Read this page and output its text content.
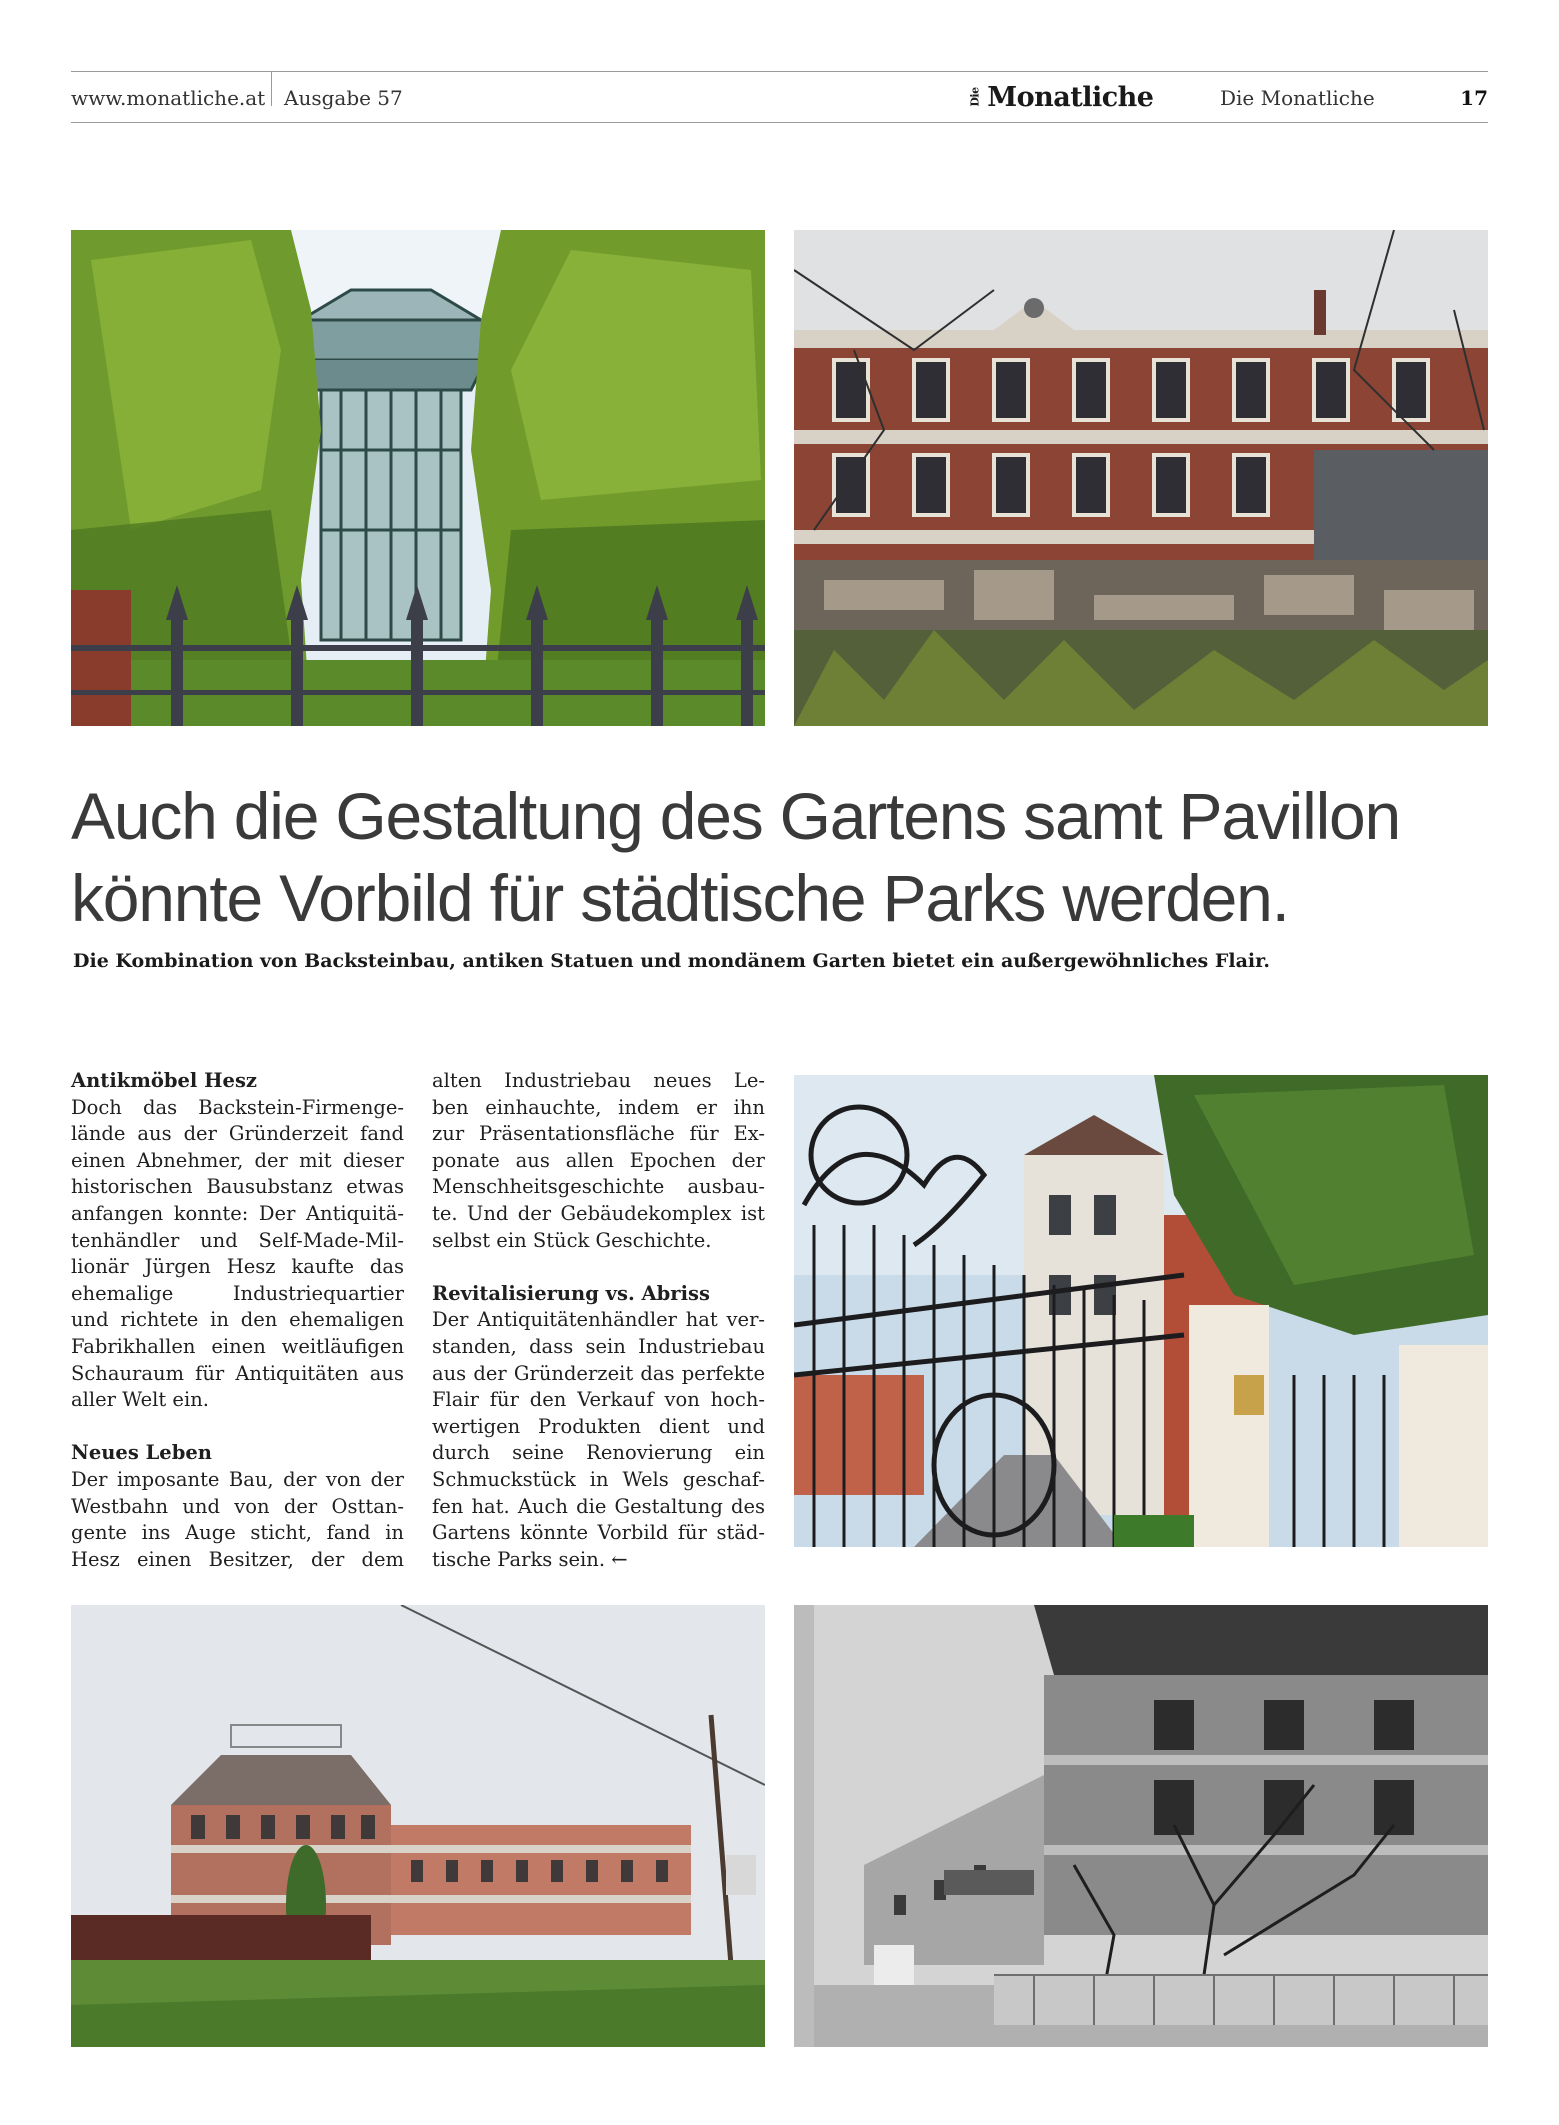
www.monatliche.at Ausgabe 57	Die Monatliche	Die Monatliche	17
Auch die Gestaltung des Gartens samt Pavillon
könnte Vorbild für städtische Parks werden.
Die Kombination von Backsteinbau, antiken Statuen und mondänem Garten bietet ein außergewöhnliches Flair.
Antikmöbel Hesz
Doch das Backstein-Firmenge-
lände aus der Gründerzeit fand
einen Abnehmer, der mit dieser
historischen Bausubstanz etwas
anfangen konnte: Der Antiquitä-
tenhändler und Self-Made-Mil-
lionär Jürgen Hesz kaufte das
ehemalige Industriequartier
und richtete in den ehemaligen
Fabrikhallen einen weitläufigen
Schauraum für Antiquitäten aus
aller Welt ein.
Neues Leben
Der imposante Bau, der von der
Westbahn und von der Osttan-
gente ins Auge sticht, fand in
Hesz einen Besitzer, der dem
alten Industriebau neues Le-
ben einhauchte, indem er ihn
zur Präsentationsfläche für Ex-
ponate aus allen Epochen der
Menschheitsgeschichte ausbau-
te. Und der Gebäudekomplex ist
selbst ein Stück Geschichte.
Revitalisierung vs. Abriss
Der Antiquitätenhändler hat ver-
standen, dass sein Industriebau
aus der Gründerzeit das perfekte
Flair für den Verkauf von hoch-
wertigen Produkten dient und
durch seine Renovierung ein
Schmuckstück in Wels geschaf-
fen hat. Auch die Gestaltung des
Gartens könnte Vorbild für städ-
tische Parks sein. ←
